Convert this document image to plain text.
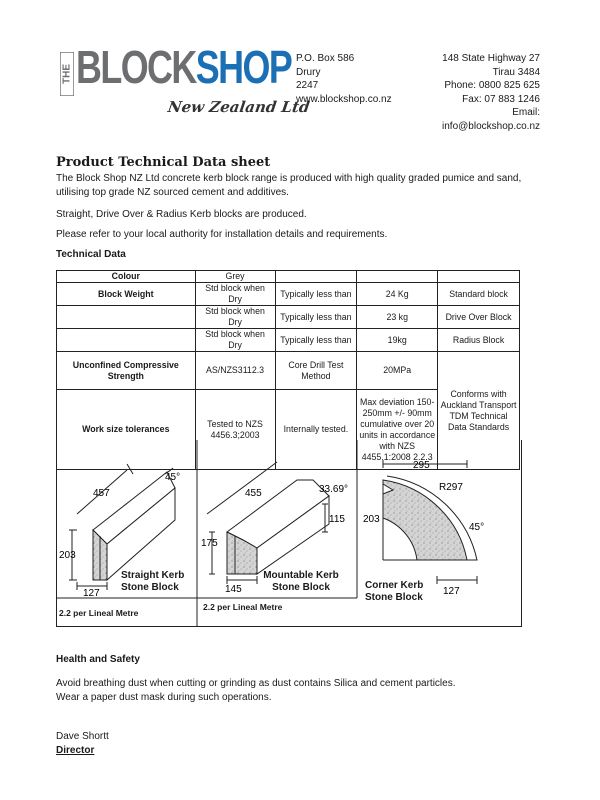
THE BLOCKSHOP
New Zealand Ltd
P.O. Box 586
Drury
2247
www.blockshop.co.nz
148 State Highway 27
Tirau 3484
Phone: 0800 825 625
Fax: 07 883 1246
Email:
info@blockshop.co.nz
Product Technical Data sheet
The Block Shop NZ Ltd concrete kerb block range is produced with high quality graded pumice and sand, utilising top grade NZ sourced cement and additives.
Straight, Drive Over & Radius Kerb blocks are produced.
Please refer to your local authority for installation details and requirements.
Technical Data
Colour	Grey			
Block Weight	Std block when Dry	Typically less than	24 Kg	Standard block
	Std block when Dry	Typically less than	23 kg	Drive Over Block
	Std block when Dry	Typically less than	19kg	Radius Block
Unconfined Compressive Strength	AS/NZS3112.3	Core Drill Test Method	20MPa	Conforms with Auckland Transport TDM Technical Data Standards
Work size tolerances	Tested to NZS 4456.3;2003	Internally tested.	Max deviation 150-250mm +/- 90mm cumulative over 20 units in accordance with NZS 4455.1:2008 2.2.3	
457
45°
203
127
455	33.69°
115
175
145
295
R297
203
45°
127
Straight Kerb Stone Block
Mountable Kerb Stone Block	Corner Kerb Stone Block
2.2 per Lineal Metre
2.2 per Lineal Metre
Health and Safety
Avoid breathing dust when cutting or grinding as dust contains Silica and cement particles.
Wear a paper dust mask during such operations.
Dave Shortt
Director
